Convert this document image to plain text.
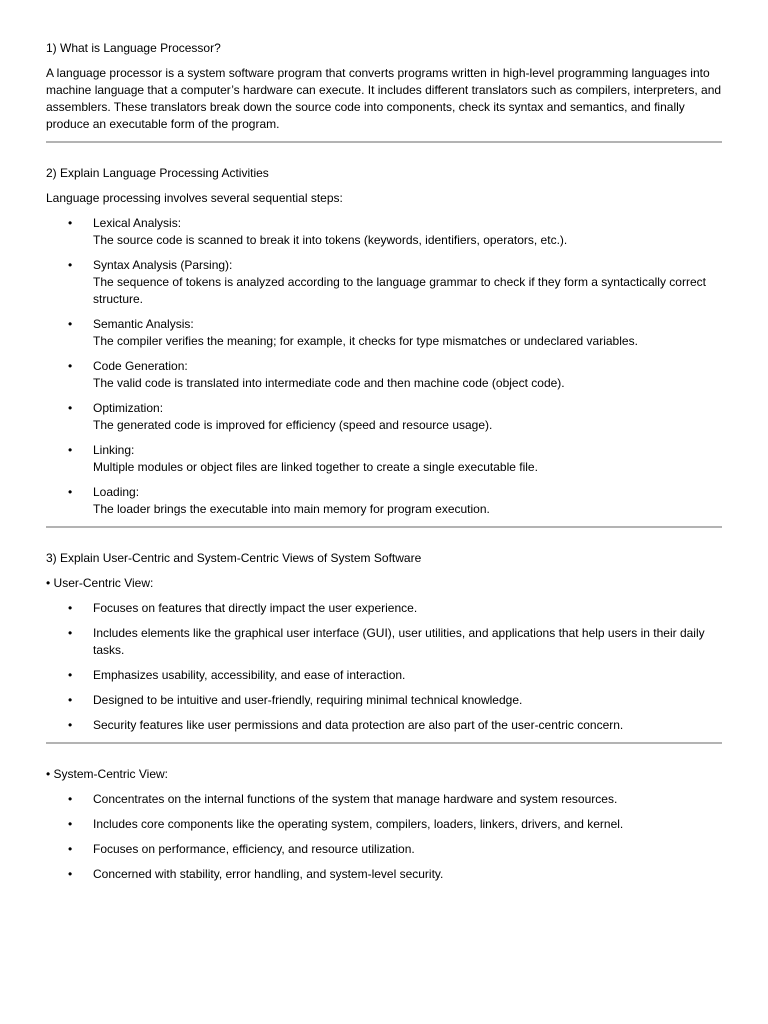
1) What is Language Processor?
A language processor is a system software program that converts programs written in high-level programming languages into machine language that a computer’s hardware can execute. It includes different translators such as compilers, interpreters, and assemblers. These translators break down the source code into components, check its syntax and semantics, and finally produce an executable form of the program.
2) Explain Language Processing Activities
Language processing involves several sequential steps:
• Lexical Analysis:
The source code is scanned to break it into tokens (keywords, identifiers, operators, etc.).
• Syntax Analysis (Parsing):
The sequence of tokens is analyzed according to the language grammar to check if they form a syntactically correct structure.
• Semantic Analysis:
The compiler verifies the meaning; for example, it checks for type mismatches or undeclared variables.
• Code Generation:
The valid code is translated into intermediate code and then machine code (object code).
• Optimization:
The generated code is improved for efficiency (speed and resource usage).
• Linking:
Multiple modules or object files are linked together to create a single executable file.
• Loading:
The loader brings the executable into main memory for program execution.
3) Explain User-Centric and System-Centric Views of System Software
• User-Centric View:
• Focuses on features that directly impact the user experience.
• Includes elements like the graphical user interface (GUI), user utilities, and applications that help users in their daily tasks.
• Emphasizes usability, accessibility, and ease of interaction.
• Designed to be intuitive and user-friendly, requiring minimal technical knowledge.
• Security features like user permissions and data protection are also part of the user-centric concern.
• System-Centric View:
• Concentrates on the internal functions of the system that manage hardware and system resources.
• Includes core components like the operating system, compilers, loaders, linkers, drivers, and kernel.
• Focuses on performance, efficiency, and resource utilization.
• Concerned with stability, error handling, and system-level security.
